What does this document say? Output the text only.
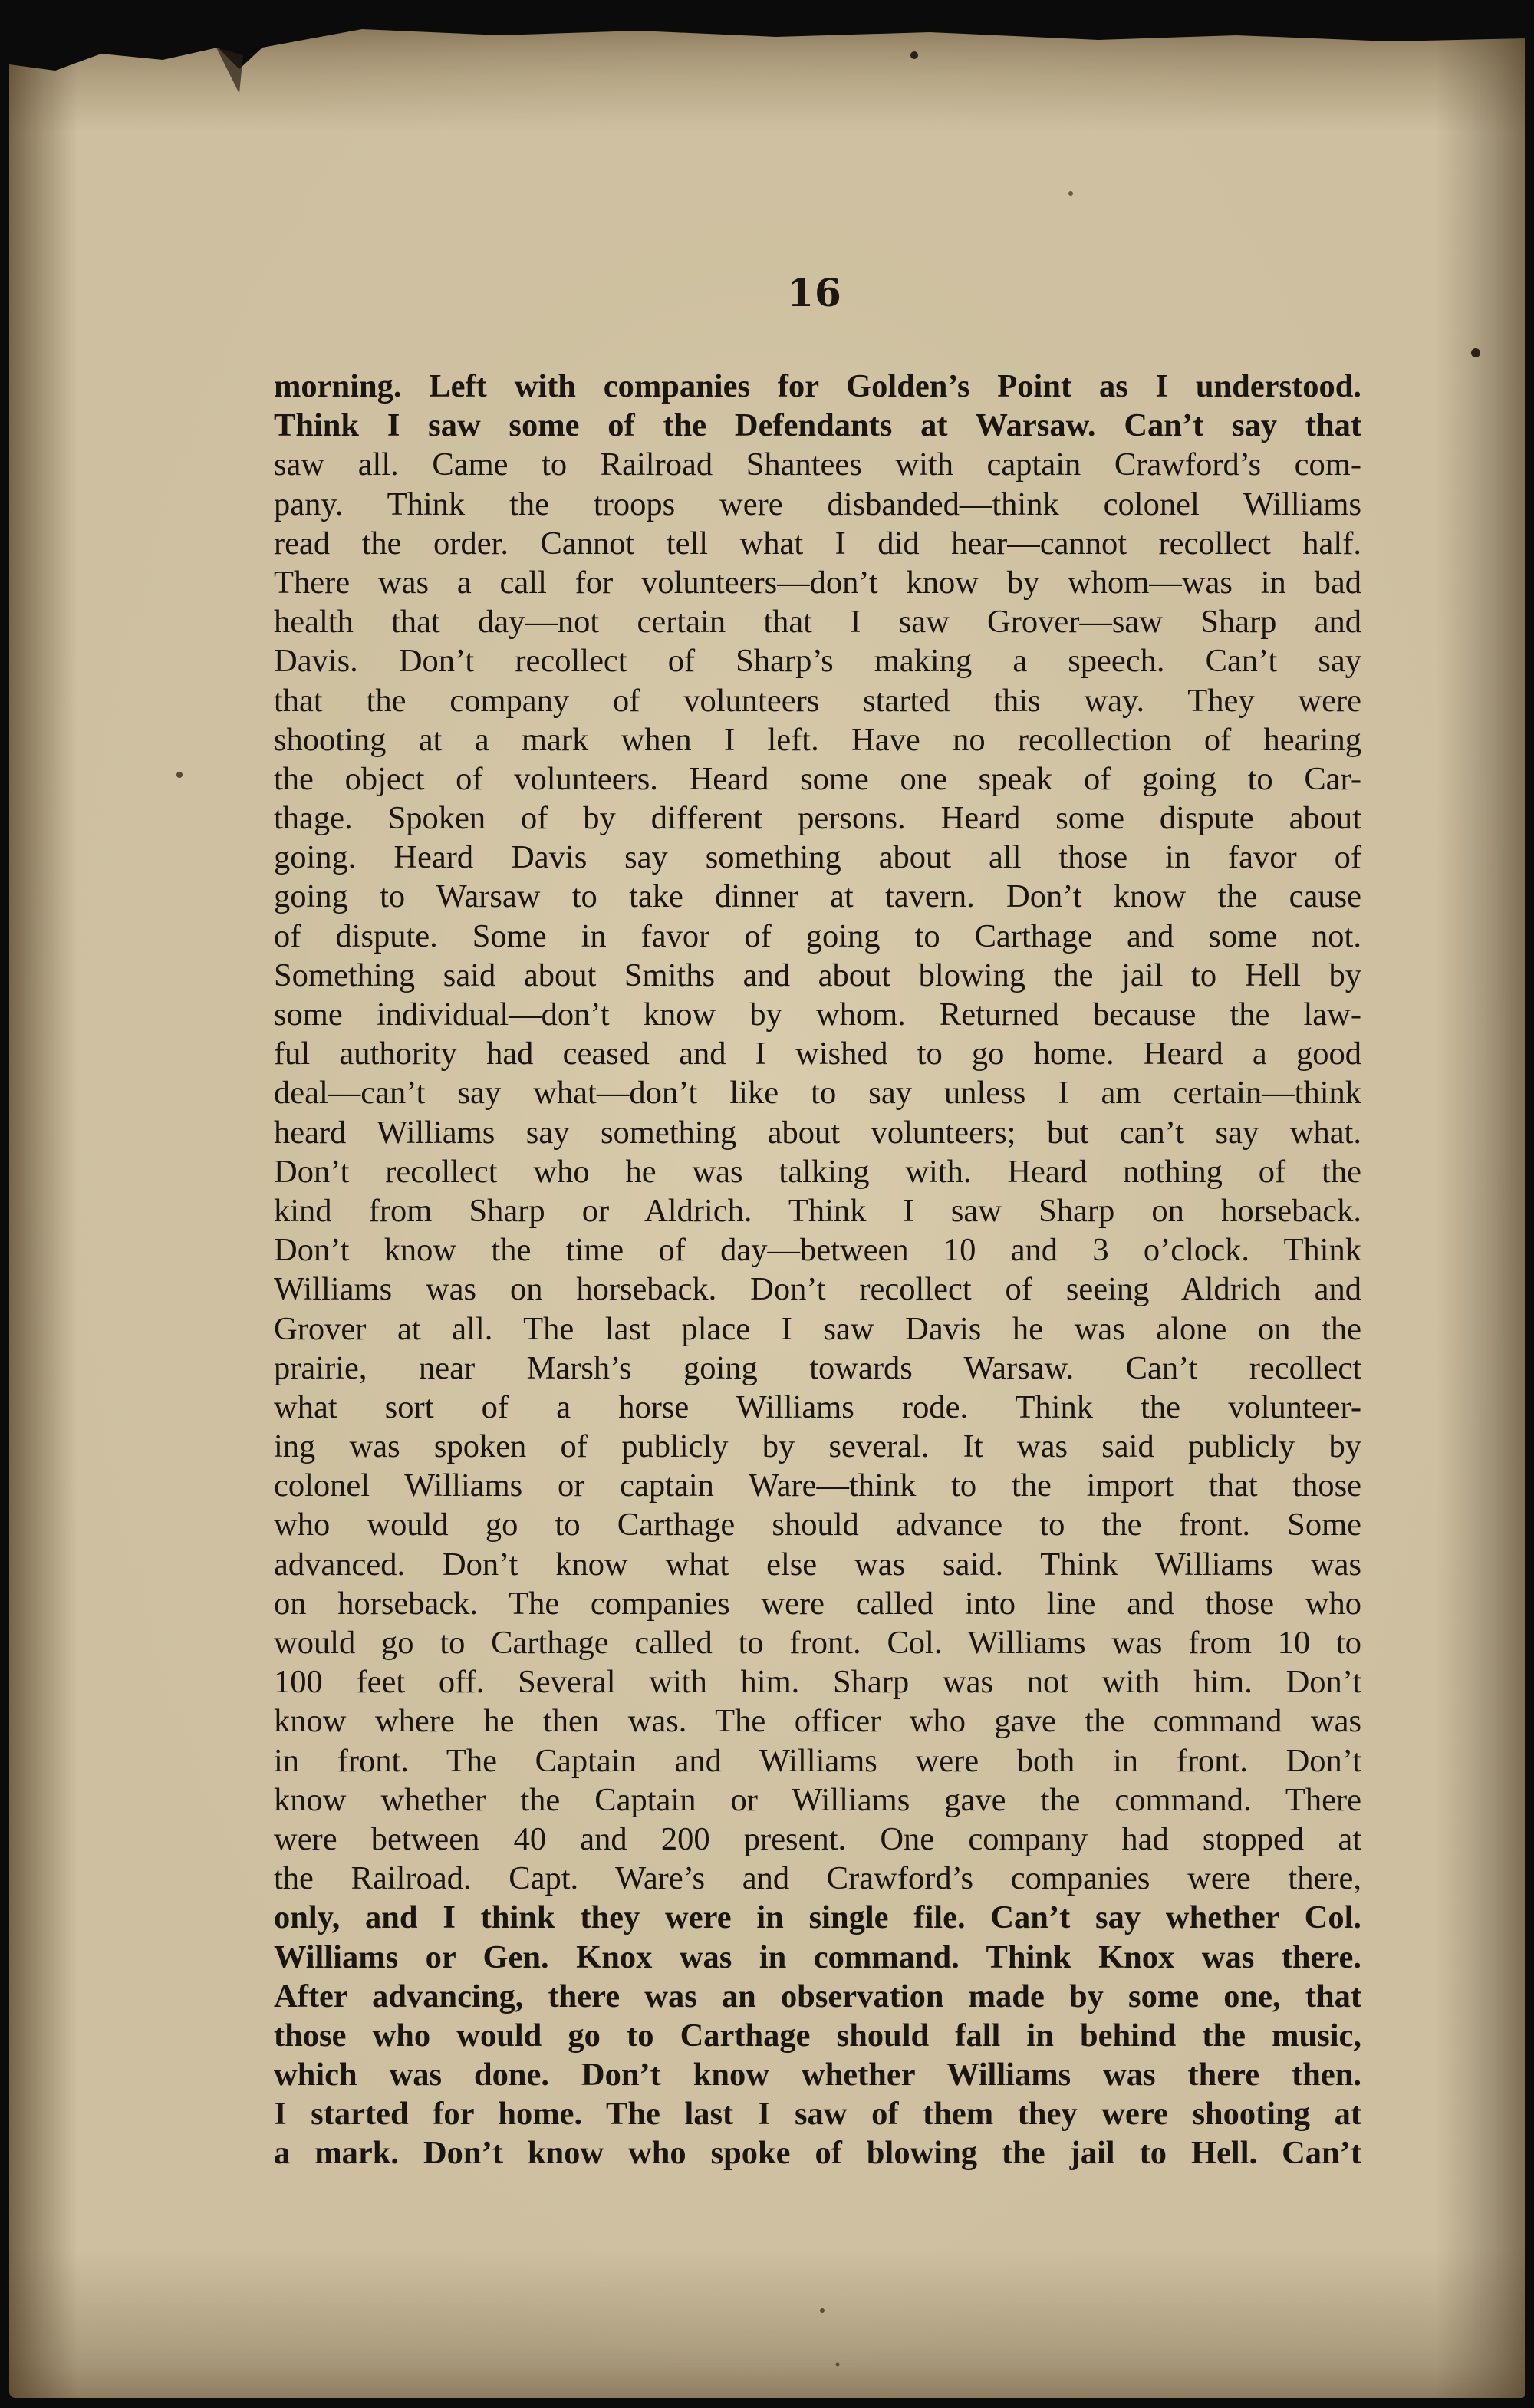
16
morning. Left with companies for Golden’s Point as I understood.
Think I saw some of the Defendants at Warsaw. Can’t say that
saw all. Came to Railroad Shantees with captain Crawford’s com-
pany. Think the troops were disbanded—think colonel Williams
read the order. Cannot tell what I did hear—cannot recollect half.
There was a call for volunteers—don’t know by whom—was in bad
health that day—not certain that I saw Grover—saw Sharp and
Davis. Don’t recollect of Sharp’s making a speech. Can’t say
that the company of volunteers started this way. They were
shooting at a mark when I left. Have no recollection of hearing
the object of volunteers. Heard some one speak of going to Car-
thage. Spoken of by different persons. Heard some dispute about
going. Heard Davis say something about all those in favor of
going to Warsaw to take dinner at tavern. Don’t know the cause
of dispute. Some in favor of going to Carthage and some not.
Something said about Smiths and about blowing the jail to Hell by
some individual—don’t know by whom. Returned because the law-
ful authority had ceased and I wished to go home. Heard a good
deal—can’t say what—don’t like to say unless I am certain—think
heard Williams say something about volunteers; but can’t say what.
Don’t recollect who he was talking with. Heard nothing of the
kind from Sharp or Aldrich. Think I saw Sharp on horseback.
Don’t know the time of day—between 10 and 3 o’clock. Think
Williams was on horseback. Don’t recollect of seeing Aldrich and
Grover at all. The last place I saw Davis he was alone on the
prairie, near Marsh’s going towards Warsaw. Can’t recollect
what sort of a horse Williams rode. Think the volunteer-
ing was spoken of publicly by several. It was said publicly by
colonel Williams or captain Ware—think to the import that those
who would go to Carthage should advance to the front. Some
advanced. Don’t know what else was said. Think Williams was
on horseback. The companies were called into line and those who
would go to Carthage called to front. Col. Williams was from 10 to
100 feet off. Several with him. Sharp was not with him. Don’t
know where he then was. The officer who gave the command was
in front. The Captain and Williams were both in front. Don’t
know whether the Captain or Williams gave the command. There
were between 40 and 200 present. One company had stopped at
the Railroad. Capt. Ware’s and Crawford’s companies were there,
only, and I think they were in single file. Can’t say whether Col.
Williams or Gen. Knox was in command. Think Knox was there.
After advancing, there was an observation made by some one, that
those who would go to Carthage should fall in behind the music,
which was done. Don’t know whether Williams was there then.
I started for home. The last I saw of them they were shooting at
a mark. Don’t know who spoke of blowing the jail to Hell. Can’t
